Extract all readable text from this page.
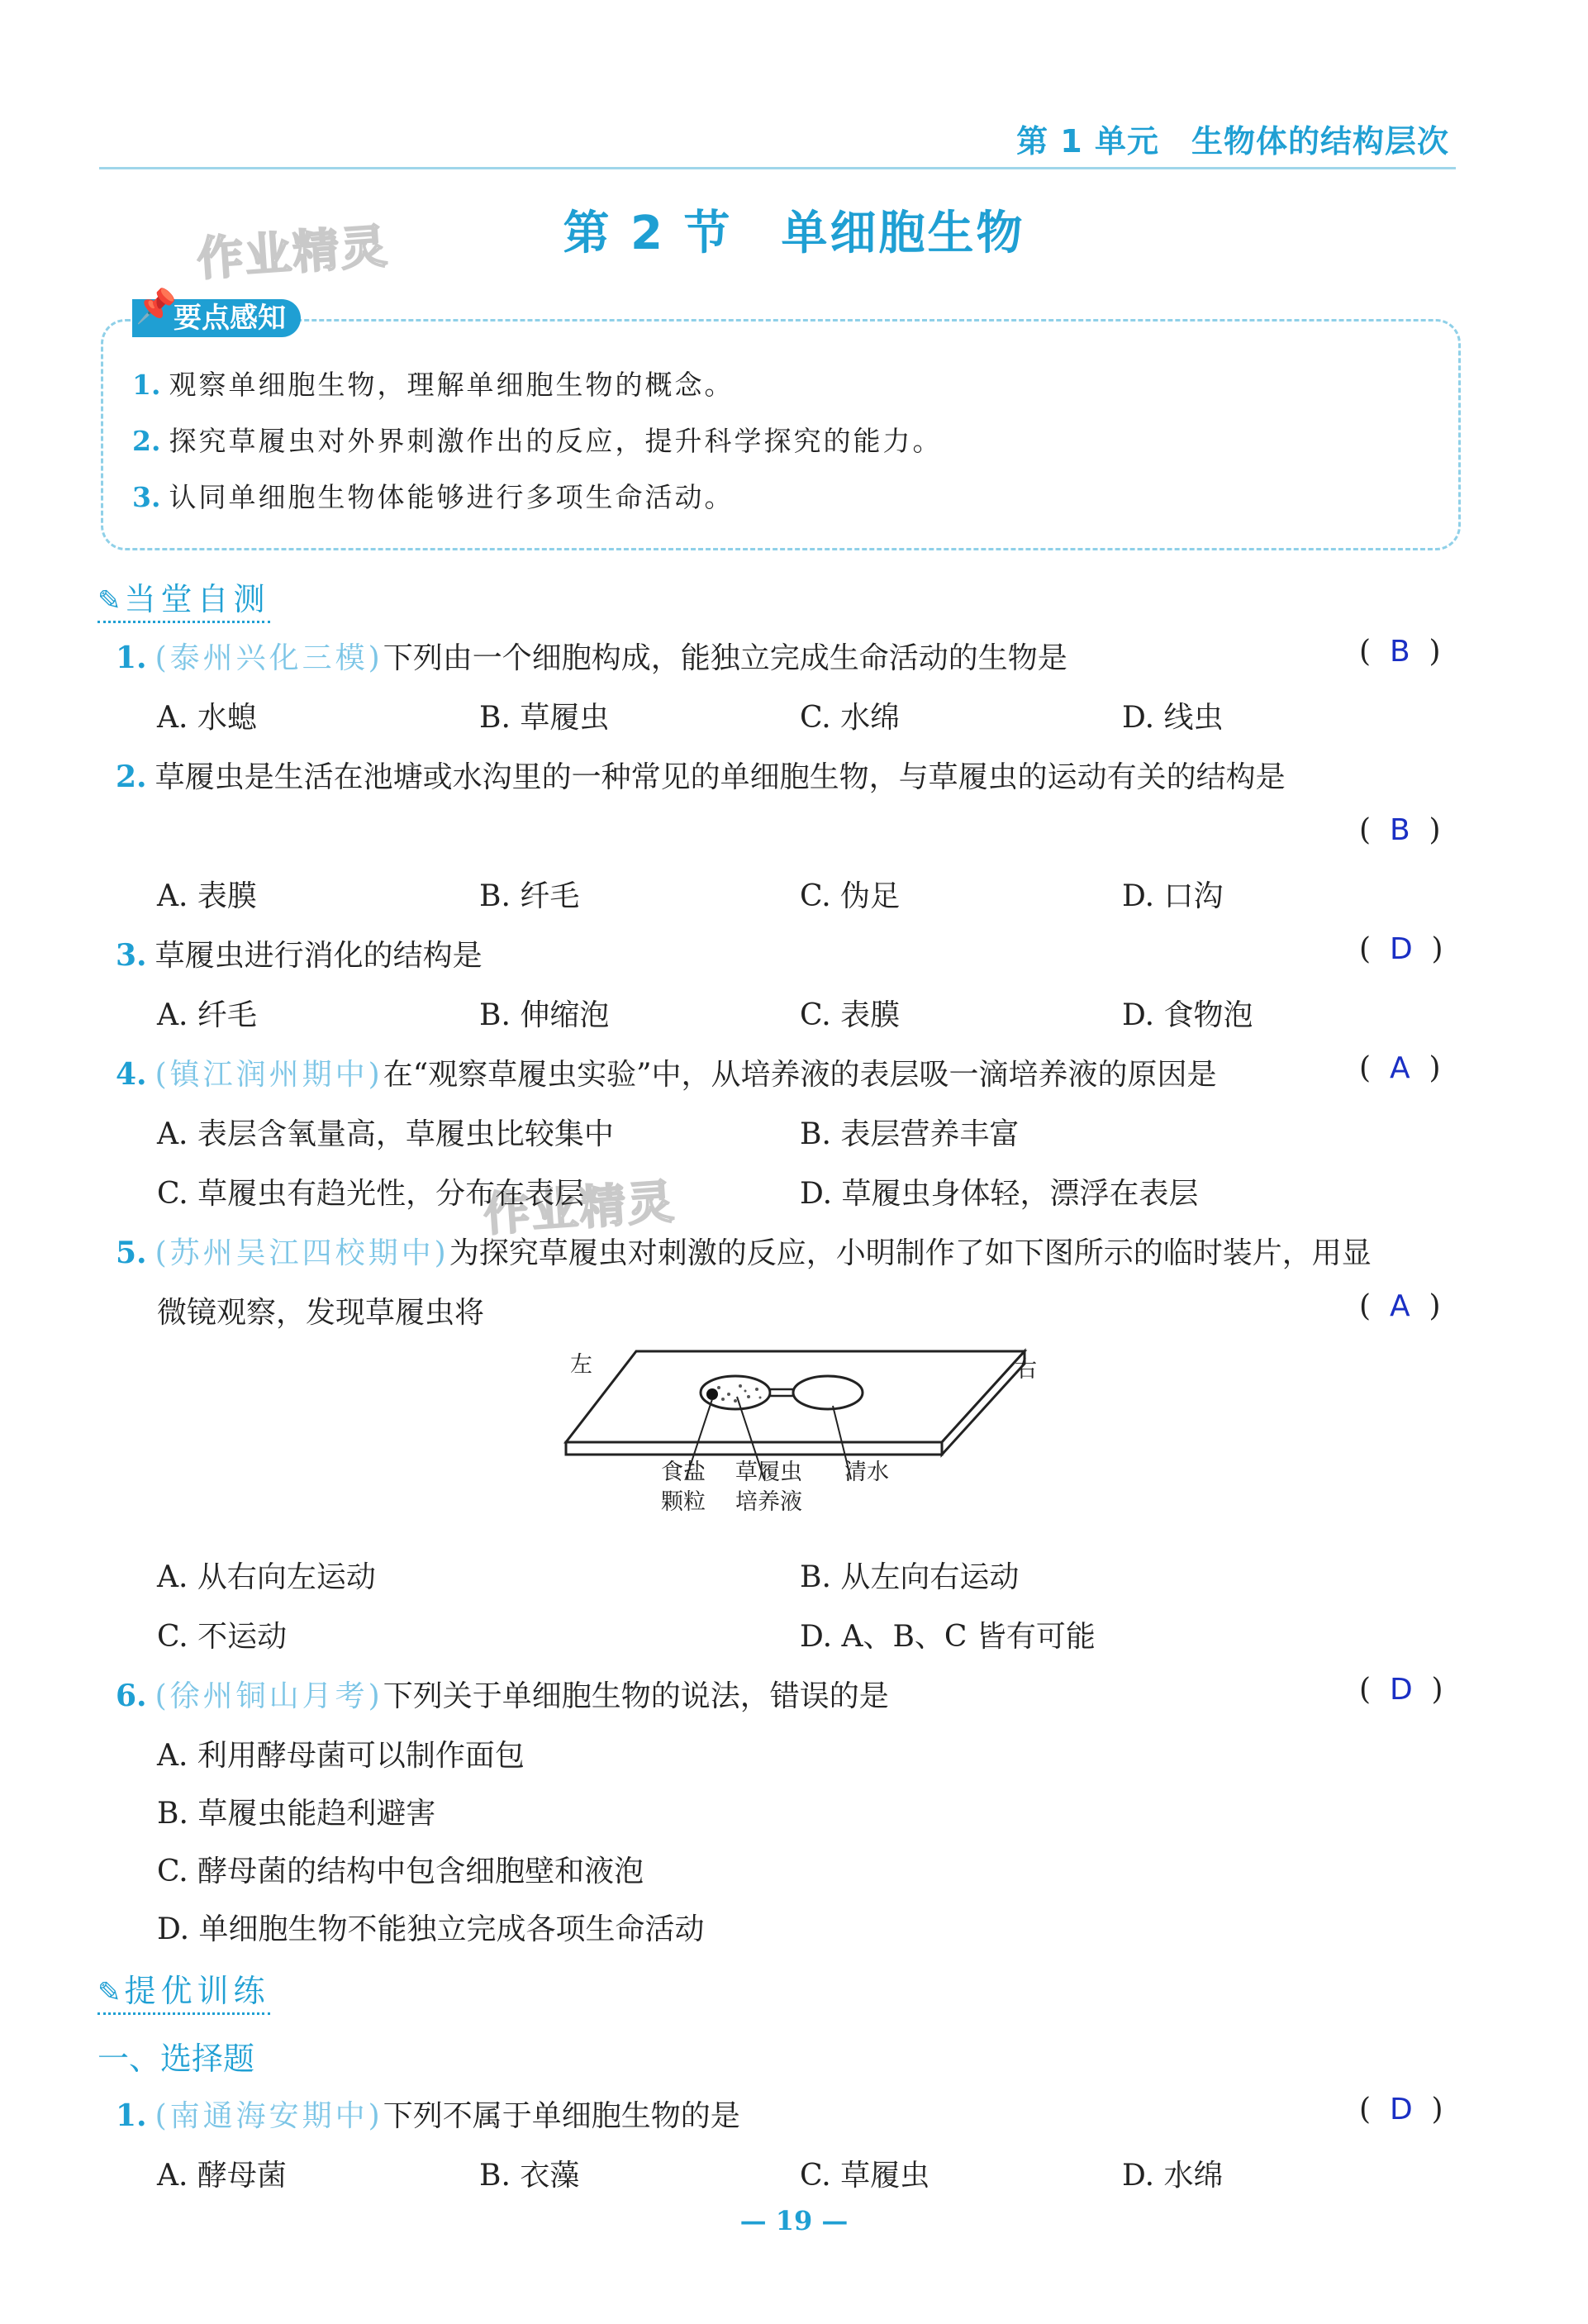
第 1 单元　 生物体的结构层次
第 2 节　单细胞生物
作业精灵
作业精灵
📌
要点感知
1. 观察单细胞生物，理解单细胞生物的概念。
2. 探究草履虫对外界刺激作出的反应，提升科学探究的能力。
3. 认同单细胞生物体能够进行多项生命活动。
✎ 当堂自测
1. (泰州兴化三模)下列由一个细胞构成，能独立完成生命活动的生物是	(  B  )
A. 水螅	B. 草履虫	C. 水绵	D. 线虫
2. 草履虫是生活在池塘或水沟里的一种常见的单细胞生物，与草履虫的运动有关的结构是
(  B  )
A. 表膜	B. 纤毛	C. 伪足	D. 口沟
3. 草履虫进行消化的结构是	(  D  )
A. 纤毛	B. 伸缩泡	C. 表膜	D. 食物泡
4. (镇江润州期中)在“观察草履虫实验”中，从培养液的表层吸一滴培养液的原因是	(  A  )
A. 表层含氧量高，草履虫比较集中	B. 表层营养丰富
C. 草履虫有趋光性，分布在表层	D. 草履虫身体轻，漂浮在表层
5. (苏州吴江四校期中)为探究草履虫对刺激的反应，小明制作了如下图所示的临时装片，用显
微镜观察，发现草履虫将	(  A  )
左	右
食盐
颗粒
草履虫
培养液
清水
A. 从右向左运动	B. 从左向右运动
C. 不运动	D. A、B、C 皆有可能
6. (徐州铜山月考)下列关于单细胞生物的说法，错误的是	(  D  )
A. 利用酵母菌可以制作面包
B. 草履虫能趋利避害
C. 酵母菌的结构中包含细胞壁和液泡
D. 单细胞生物不能独立完成各项生命活动
✎ 提优训练
一、选择题
1. (南通海安期中)下列不属于单细胞生物的是	(  D  )
A. 酵母菌	B. 衣藻	C. 草履虫	D. 水绵
— 19 —
